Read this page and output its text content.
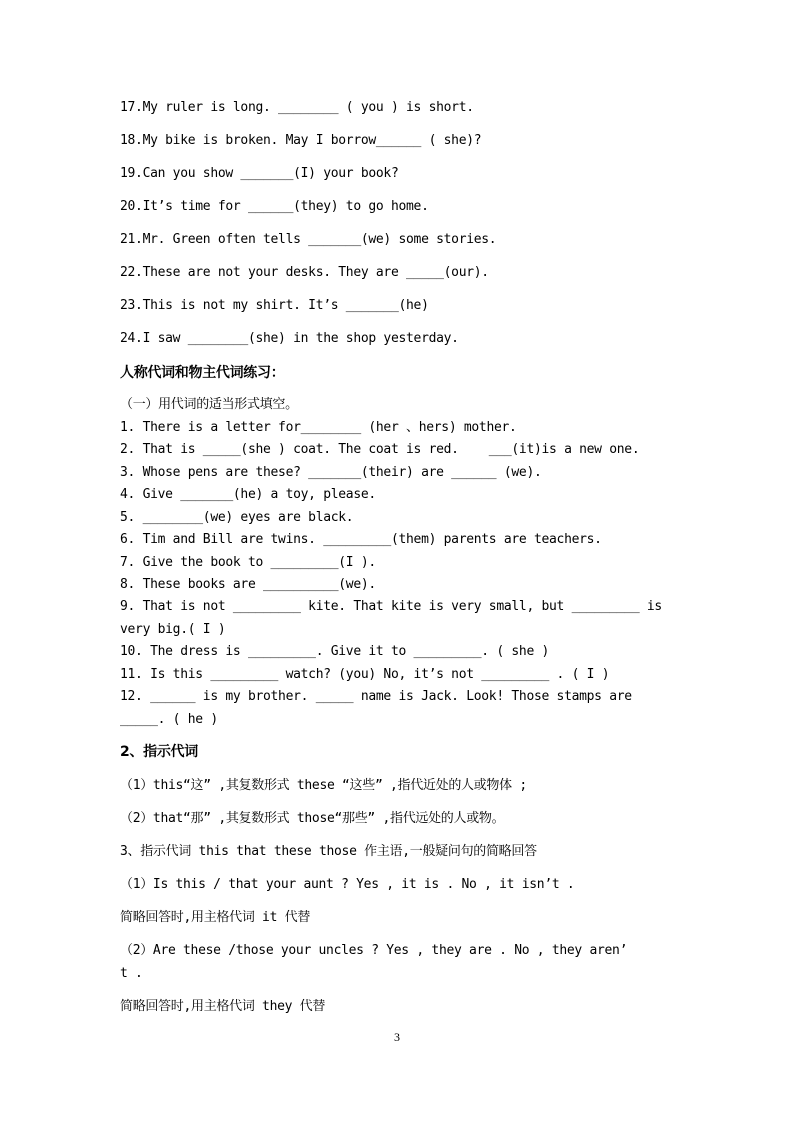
17.My ruler is long. ________ ( you ) is short.
18.My bike is broken. May I borrow______ ( she)?
19.Can you show _______(I) your book?
20.It’s time for ______(they) to go home.
21.Mr. Green often tells _______(we) some stories.
22.These are not your desks. They are _____(our).
23.This is not my shirt. It’s _______(he)
24.I saw ________(she) in the shop yesterday.
人称代词和物主代词练习：
（一）用代词的适当形式填空。
1. There is a letter for________ (her 、hers) mother.
2. That is _____(she ) coat. The coat is red.    ___(it)is a new one.
3. Whose pens are these? _______(their) are ______ (we).
4. Give _______(he) a toy, please.
5. ________(we) eyes are black.
6. Tim and Bill are twins. _________(them) parents are teachers.
7. Give the book to _________(I ).
8. These books are __________(we).
9. That is not _________ kite. That kite is very small, but _________ is
very big.( I )
10. The dress is _________. Give it to _________. ( she )
11. Is this _________ watch? (you) No, it’s not _________ . ( I )
12. ______ is my brother. _____ name is Jack. Look! Those stamps are
_____. ( he )
2、指示代词
（1）this“这” ,其复数形式 these “这些” ,指代近处的人或物体 ;
（2）that“那” ,其复数形式 those“那些” ,指代远处的人或物。
3、指示代词 this that these those 作主语,一般疑问句的简略回答
（1）Is this / that your aunt ? Yes , it is . No , it isn’t .
简略回答时,用主格代词 it 代替
（2）Are these /those your uncles ? Yes , they are . No , they aren’
t .
简略回答时,用主格代词 they 代替
3
